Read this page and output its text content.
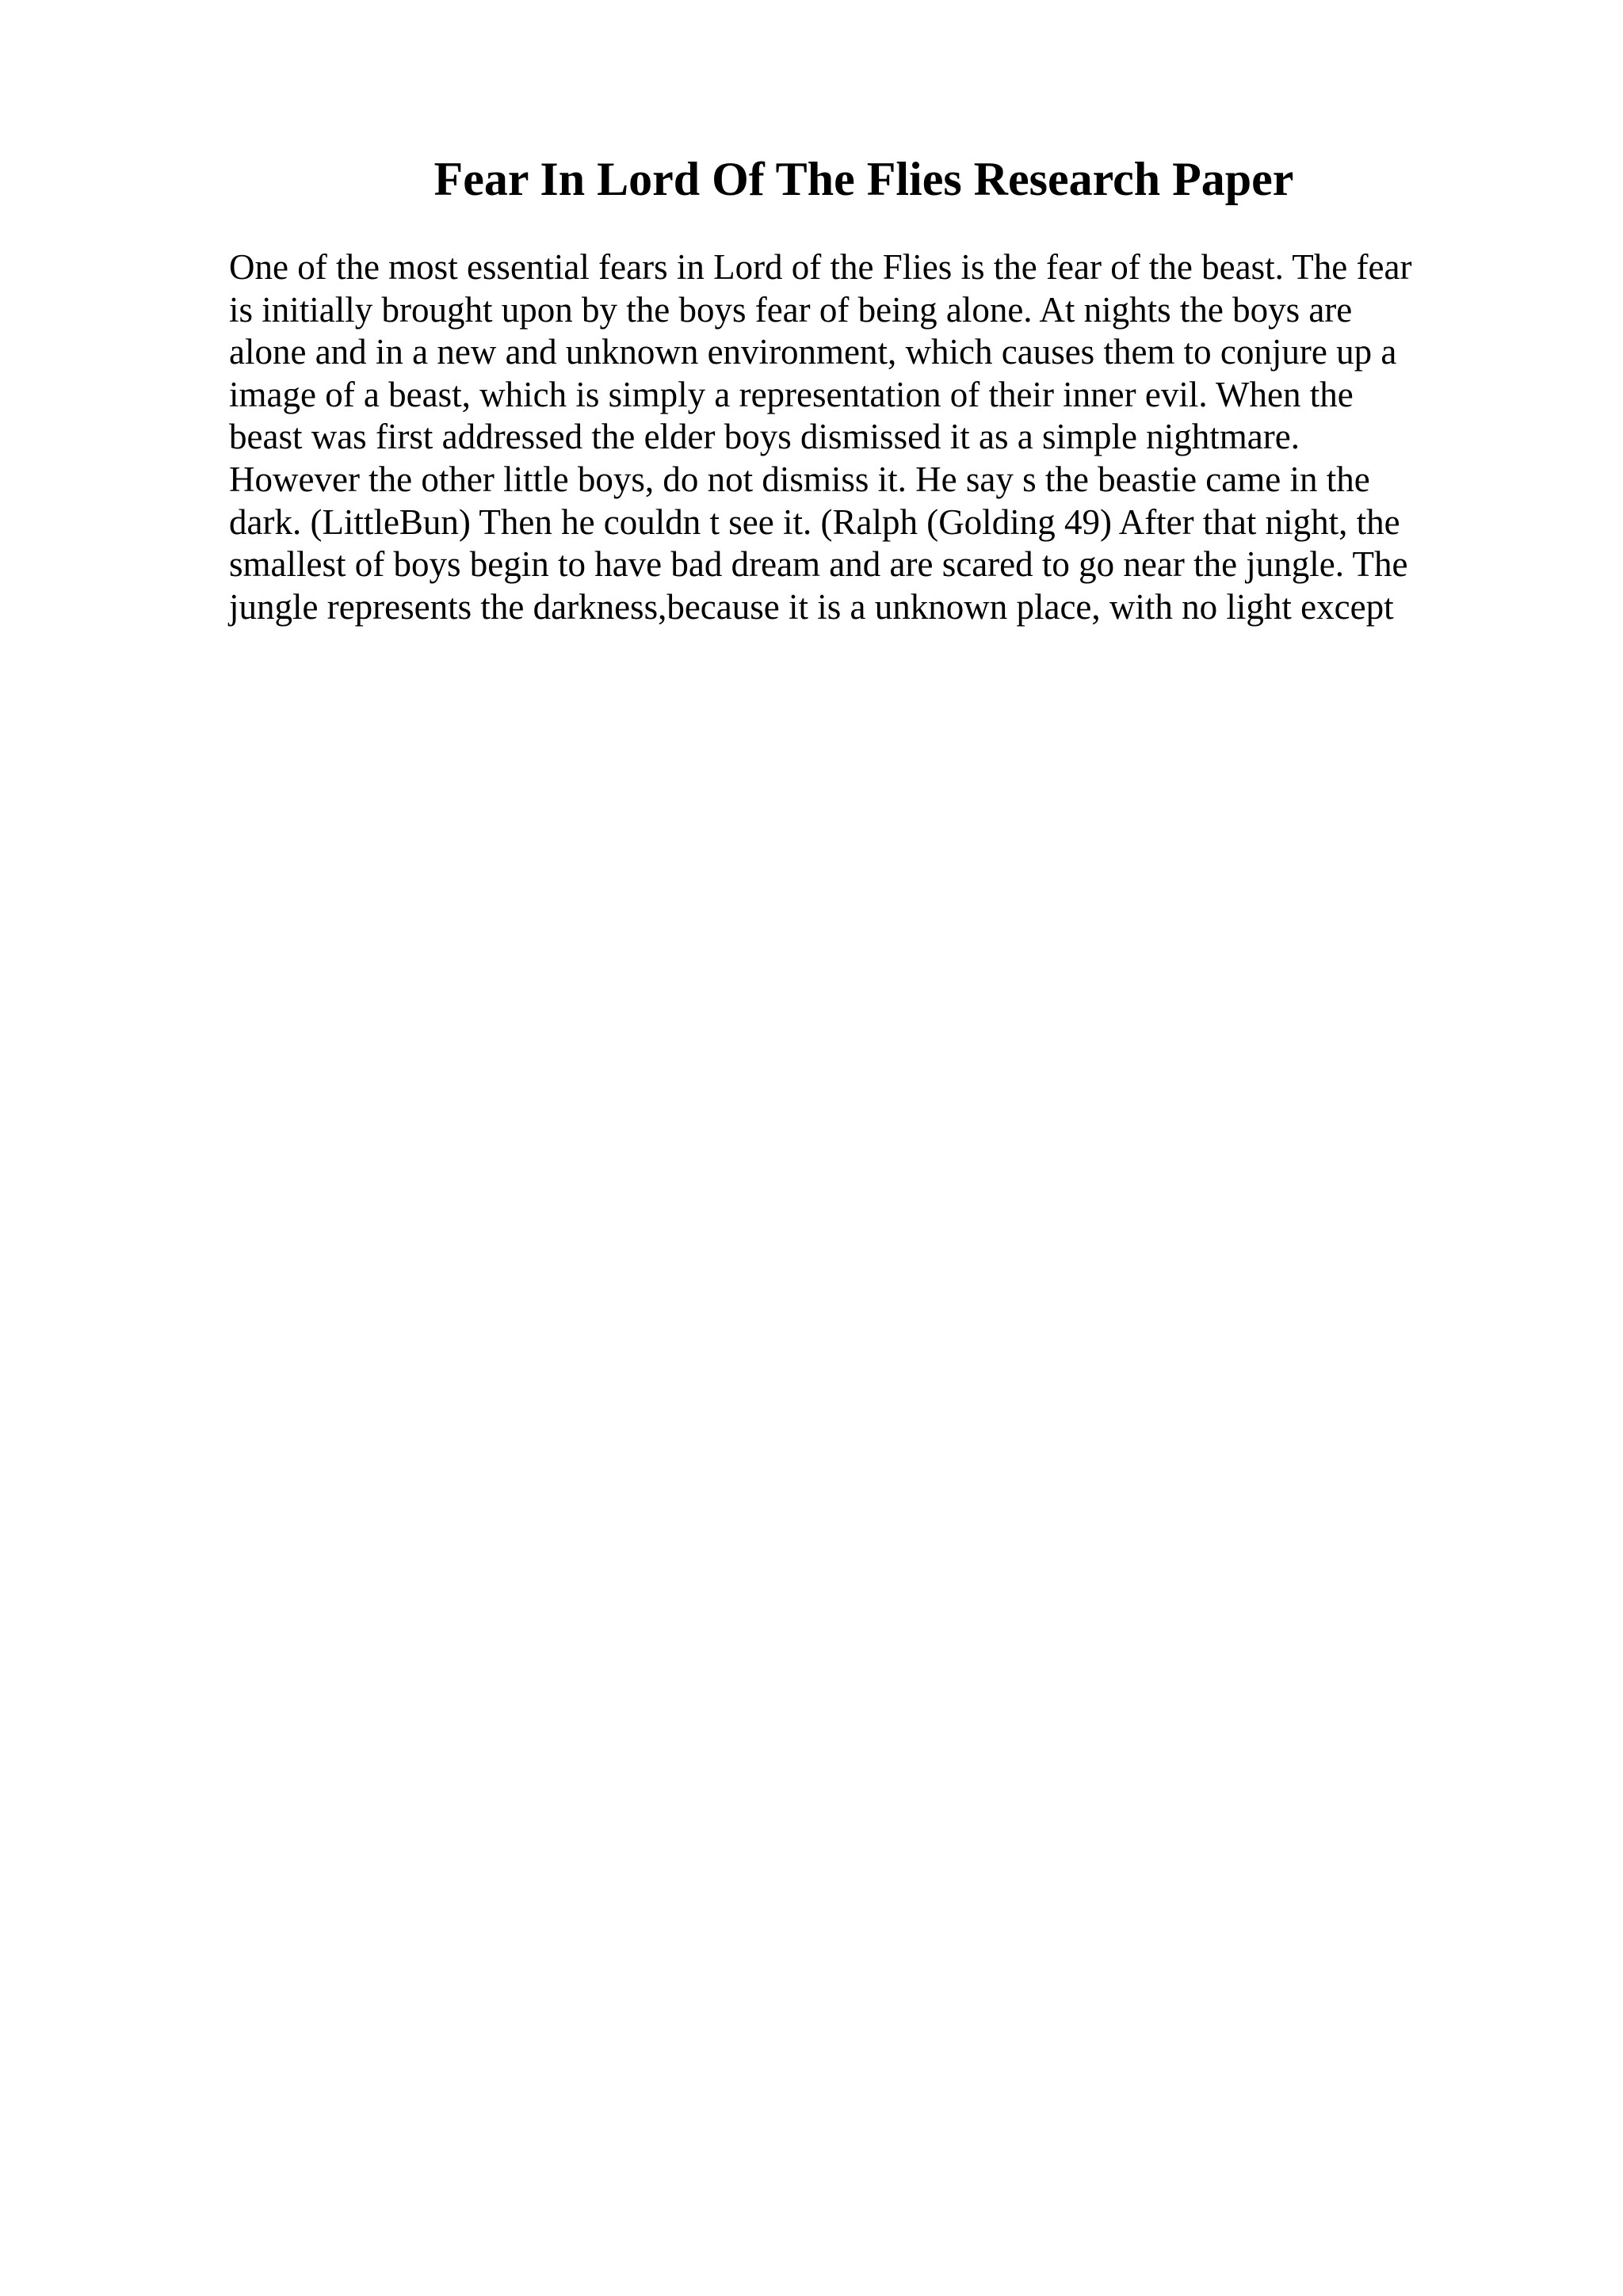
Fear In Lord Of The Flies Research Paper
One of the most essential fears in Lord of the Flies is the fear of the beast. The fear
is initially brought upon by the boys fear of being alone. At nights the boys are
alone and in a new and unknown environment, which causes them to conjure up a
image of a beast, which is simply a representation of their inner evil. When the
beast was first addressed the elder boys dismissed it as a simple nightmare.
However the other little boys, do not dismiss it. He say s the beastie came in the
dark. (LittleBun) Then he couldn t see it. (Ralph (Golding 49) After that night, the
smallest of boys begin to have bad dream and are scared to go near the jungle. The
jungle represents the darkness,because it is a unknown place, with no light except
